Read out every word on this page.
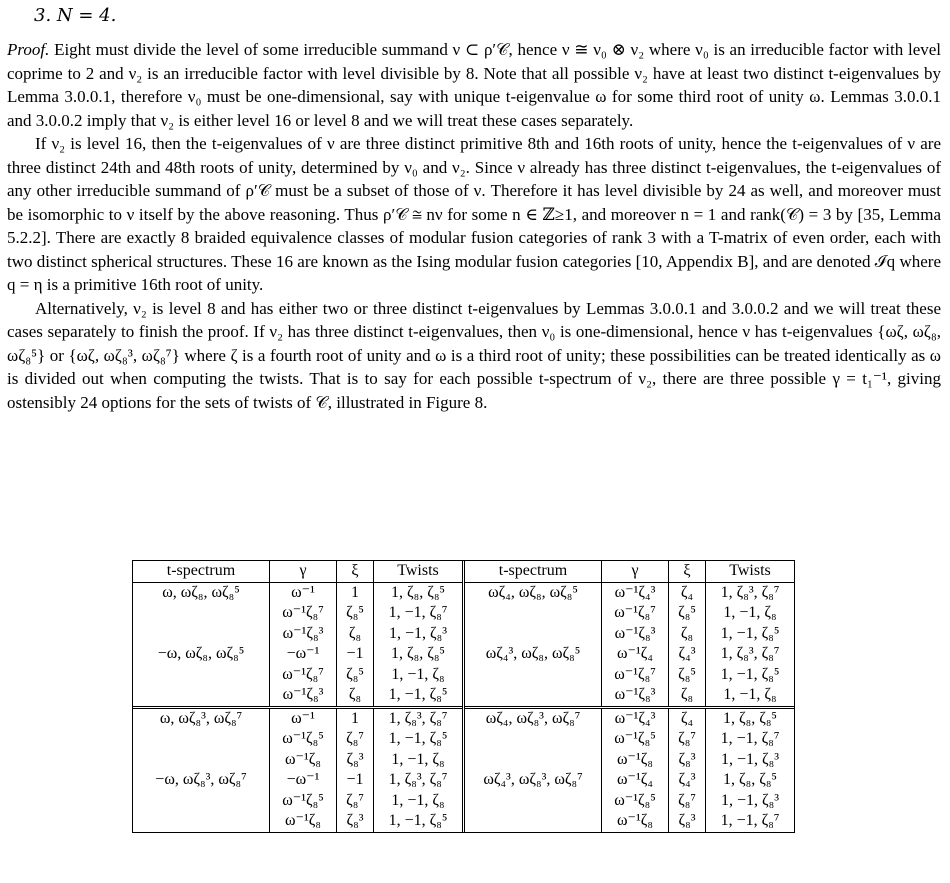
3. N = 4.

Proof. Eight must divide the level of some irreducible summand ν ⊂ ρ′𝒞, hence ν ≅ ν₀ ⊗ ν₂ where ν₀ is an irreducible factor with level coprime to 2 and ν₂ is an irreducible factor with level divisible by 8. Note that all possible ν₂ have at least two distinct t-eigenvalues by Lemma 3.0.0.1, therefore ν₀ must be one-dimensional, say with unique t-eigenvalue ω for some third root of unity ω. Lemmas 3.0.0.1 and 3.0.0.2 imply that ν₂ is either level 16 or level 8 and we will treat these cases separately.

If ν₂ is level 16, then the t-eigenvalues of ν are three distinct primitive 8th and 16th roots of unity, hence the t-eigenvalues of ν are three distinct 24th and 48th roots of unity, determined by ν₀ and ν₂. Since ν already has three distinct t-eigenvalues, the t-eigenvalues of any other irreducible summand of ρ′𝒞 must be a subset of those of ν. Therefore it has level divisible by 24 as well, and moreover must be isomorphic to ν itself by the above reasoning. Thus ρ′𝒞 ≅ nν for some n ∈ ℤ≥1, and moreover n = 1 and rank(𝒞) = 3 by [35, Lemma 5.2.2]. There are exactly 8 braided equivalence classes of modular fusion categories of rank 3 with a T-matrix of even order, each with two distinct spherical structures. These 16 are known as the Ising modular fusion categories [10, Appendix B], and are denoted ℐq where q = η is a primitive 16th root of unity.

Alternatively, ν₂ is level 8 and has either two or three distinct t-eigenvalues by Lemmas 3.0.0.1 and 3.0.0.2 and we will treat these cases separately to finish the proof. If ν₂ has three distinct t-eigenvalues, then ν₀ is one-dimensional, hence ν has t-eigenvalues {ωζ, ωζ₈, ωζ₈⁵} or {ωζ, ωζ₈³, ωζ₈⁷} where ζ is a fourth root of unity and ω is a third root of unity; these possibilities can be treated identically as ω is divided out when computing the twists. That is to say for each possible t-spectrum of ν₂, there are three possible γ = t₁⁻¹, giving ostensibly 24 options for the sets of twists of 𝒞, illustrated in Figure 8.

t-spectrum	γ	ξ	Twists	t-spectrum	γ	ξ	Twists
ω, ωζ₈, ωζ₈⁵	ω⁻¹	1	1, ζ₈, ζ₈⁵	ωζ₄, ωζ₈, ωζ₈⁵	ω⁻¹ζ₄³	ζ₄	1, ζ₈³, ζ₈⁷
	ω⁻¹ζ₈⁷	ζ₈⁵	1, −1, ζ₈⁷		ω⁻¹ζ₈⁷	ζ₈⁵	1, −1, ζ₈
	ω⁻¹ζ₈³	ζ₈	1, −1, ζ₈³		ω⁻¹ζ₈³	ζ₈	1, −1, ζ₈⁵
−ω, ωζ₈, ωζ₈⁵	−ω⁻¹	−1	1, ζ₈, ζ₈⁵	ωζ₄³, ωζ₈, ωζ₈⁵	ω⁻¹ζ₄	ζ₄³	1, ζ₈³, ζ₈⁷
	ω⁻¹ζ₈⁷	ζ₈⁵	1, −1, ζ₈		ω⁻¹ζ₈⁷	ζ₈⁵	1, −1, ζ₈⁵
	ω⁻¹ζ₈³	ζ₈	1, −1, ζ₈⁵		ω⁻¹ζ₈³	ζ₈	1, −1, ζ₈
ω, ωζ₈³, ωζ₈⁷	ω⁻¹	1	1, ζ₈³, ζ₈⁷	ωζ₄, ωζ₈³, ωζ₈⁷	ω⁻¹ζ₄³	ζ₄	1, ζ₈, ζ₈⁵
	ω⁻¹ζ₈⁵	ζ₈⁷	1, −1, ζ₈⁵		ω⁻¹ζ₈⁵	ζ₈⁷	1, −1, ζ₈⁷
	ω⁻¹ζ₈	ζ₈³	1, −1, ζ₈		ω⁻¹ζ₈	ζ₈³	1, −1, ζ₈³
−ω, ωζ₈³, ωζ₈⁷	−ω⁻¹	−1	1, ζ₈³, ζ₈⁷	ωζ₄³, ωζ₈³, ωζ₈⁷	ω⁻¹ζ₄	ζ₄³	1, ζ₈, ζ₈⁵
	ω⁻¹ζ₈⁵	ζ₈⁷	1, −1, ζ₈		ω⁻¹ζ₈⁵	ζ₈⁷	1, −1, ζ₈³
	ω⁻¹ζ₈	ζ₈³	1, −1, ζ₈⁵		ω⁻¹ζ₈	ζ₈³	1, −1, ζ₈⁷
